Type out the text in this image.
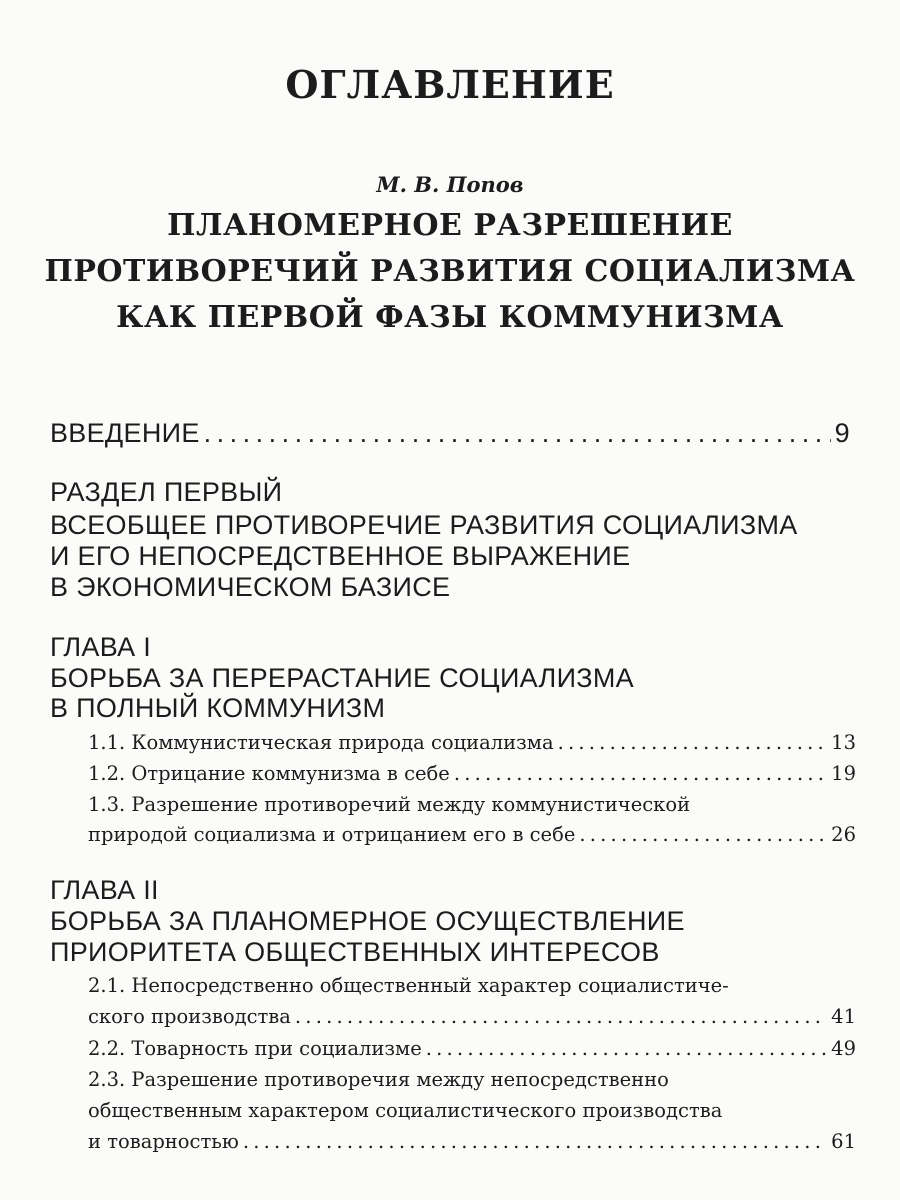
ОГЛАВЛЕНИЕ
М. В. Попов
ПЛАНОМЕРНОЕ РАЗРЕШЕНИЕ
ПРОТИВОРЕЧИЙ РАЗВИТИЯ СОЦИАЛИЗМА
КАК ПЕРВОЙ ФАЗЫ КОММУНИЗМА
ВВЕДЕНИЕ . . .	9
РАЗДЕЛ ПЕРВЫЙ
ВСЕОБЩЕЕ ПРОТИВОРЕЧИЕ РАЗВИТИЯ СОЦИАЛИЗМА
И ЕГО НЕПОСРЕДСТВЕННОЕ ВЫРАЖЕНИЕ
В ЭКОНОМИЧЕСКОМ БАЗИСЕ
ГЛАВА I
БОРЬБА ЗА ПЕРЕРАСТАНИЕ СОЦИАЛИЗМА
В ПОЛНЫЙ КОММУНИЗМ
1.1. Коммунистическая природа социализма . . .	13
1.2. Отрицание коммунизма в себе . . .	19
1.3. Разрешение противоречий между коммунистической
природой социализма и отрицанием его в себе . . .	26
ГЛАВА II
БОРЬБА ЗА ПЛАНОМЕРНОЕ ОСУЩЕСТВЛЕНИЕ
ПРИОРИТЕТА ОБЩЕСТВЕННЫХ ИНТЕРЕСОВ
2.1. Непосредственно общественный характер социалистиче-
ского производства . . .	41
2.2. Товарность при социализме . . .	49
2.3. Разрешение противоречия между непосредственно
общественным характером социалистического производства
и товарностью . . .	61
